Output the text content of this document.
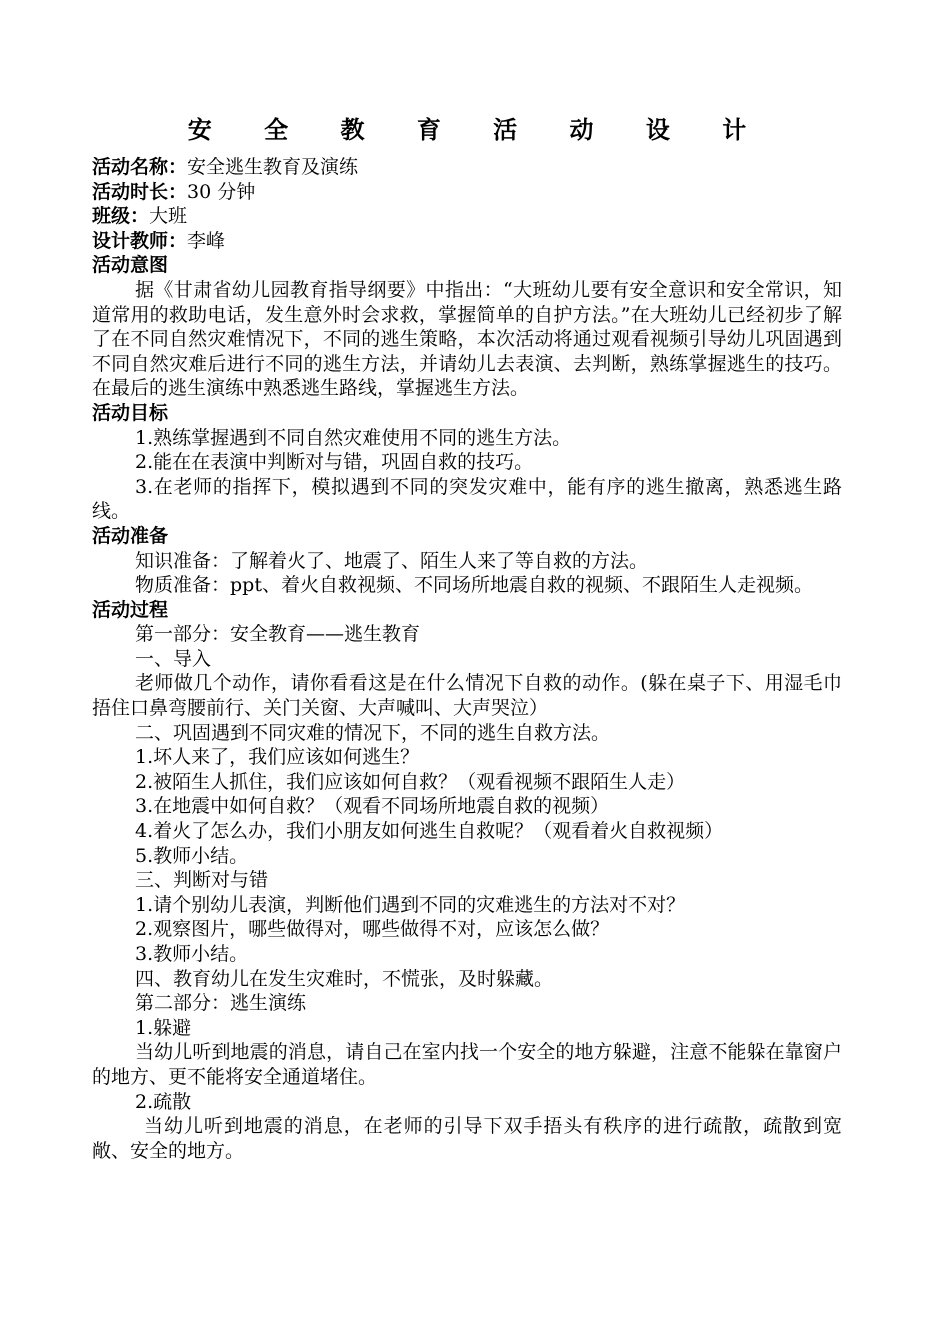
安 全 教 育 活 动 设 计
活动名称：安全逃生教育及演练
活动时长：30 分钟
班级：大班
设计教师：李峰
活动意图
据《甘肃省幼儿园教育指导纲要》中指出：“大班幼儿要有安全意识和安全常识，知道常用的救助电话，发生意外时会求救，掌握简单的自护方法。”在大班幼儿已经初步了解了在不同自然灾难情况下，不同的逃生策略，本次活动将通过观看视频引导幼儿巩固遇到不同自然灾难后进行不同的逃生方法，并请幼儿去表演、去判断，熟练掌握逃生的技巧。在最后的逃生演练中熟悉逃生路线，掌握逃生方法。
活动目标
1.熟练掌握遇到不同自然灾难使用不同的逃生方法。
2.能在在表演中判断对与错，巩固自救的技巧。
3.在老师的指挥下，模拟遇到不同的突发灾难中，能有序的逃生撤离，熟悉逃生路线。
活动准备
知识准备：了解着火了、地震了、陌生人来了等自救的方法。
物质准备：ppt、着火自救视频、不同场所地震自救的视频、不跟陌生人走视频。
活动过程
第一部分：安全教育——逃生教育
一、导入
老师做几个动作，请你看看这是在什么情况下自救的动作。(躲在桌子下、用湿毛巾捂住口鼻弯腰前行、关门关窗、大声喊叫、大声哭泣）
二、巩固遇到不同灾难的情况下，不同的逃生自救方法。
1.坏人来了，我们应该如何逃生？
2.被陌生人抓住，我们应该如何自救？（观看视频不跟陌生人走）
3.在地震中如何自救？（观看不同场所地震自救的视频）
4.着火了怎么办，我们小朋友如何逃生自救呢？（观看着火自救视频）
5.教师小结。
三、判断对与错
1.请个别幼儿表演，判断他们遇到不同的灾难逃生的方法对不对？
2.观察图片，哪些做得对，哪些做得不对，应该怎么做？
3.教师小结。
四、教育幼儿在发生灾难时，不慌张，及时躲藏。
第二部分：逃生演练
1.躲避
当幼儿听到地震的消息，请自己在室内找一个安全的地方躲避，注意不能躲在靠窗户的地方、更不能将安全通道堵住。
2.疏散
当幼儿听到地震的消息，在老师的引导下双手捂头有秩序的进行疏散，疏散到宽敞、安全的地方。
